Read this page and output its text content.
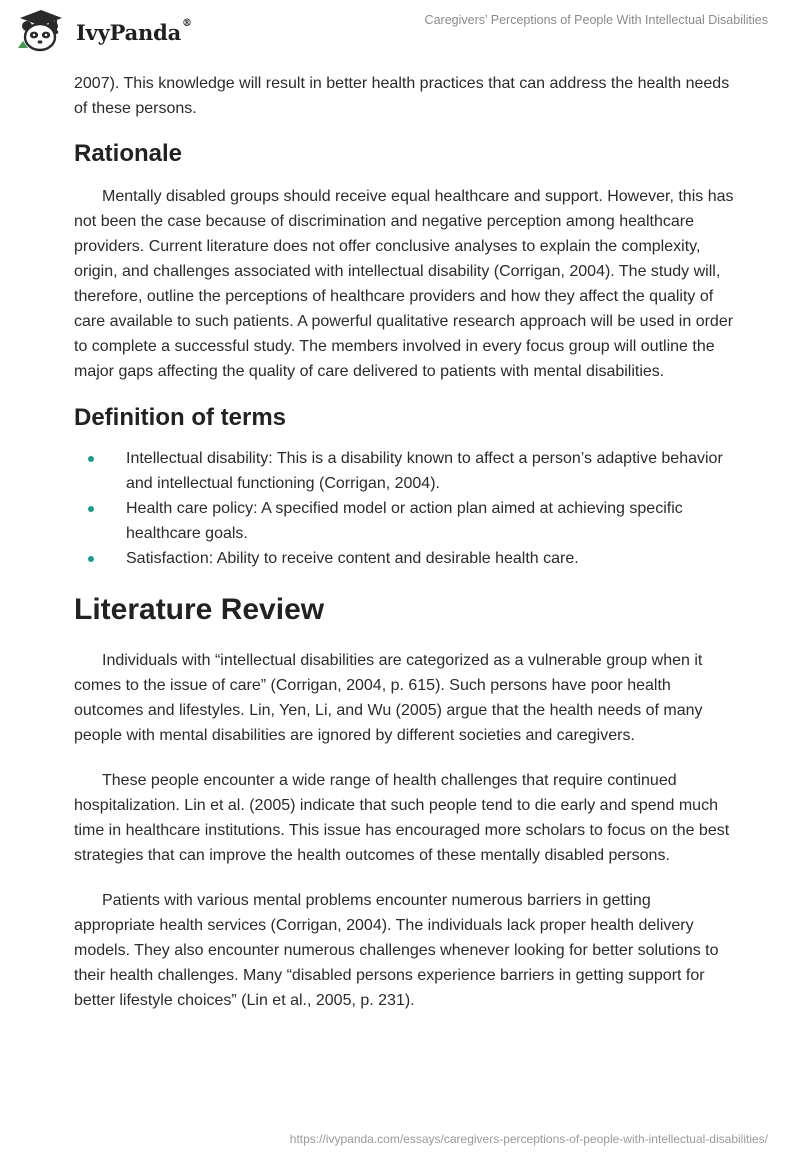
IvyPanda®	Caregivers’ Perceptions of People With Intellectual Disabilities

2007). This knowledge will result in better health practices that can address the health needs of these persons.

Rationale

Mentally disabled groups should receive equal healthcare and support. However, this has not been the case because of discrimination and negative perception among healthcare providers. Current literature does not offer conclusive analyses to explain the complexity, origin, and challenges associated with intellectual disability (Corrigan, 2004). The study will, therefore, outline the perceptions of healthcare providers and how they affect the quality of care available to such patients. A powerful qualitative research approach will be used in order to complete a successful study. The members involved in every focus group will outline the major gaps affecting the quality of care delivered to patients with mental disabilities.

Definition of terms
Intellectual disability: This is a disability known to affect a person’s adaptive behavior and intellectual functioning (Corrigan, 2004).
Health care policy: A specified model or action plan aimed at achieving specific healthcare goals.
Satisfaction: Ability to receive content and desirable health care.
Literature Review

Individuals with “intellectual disabilities are categorized as a vulnerable group when it comes to the issue of care” (Corrigan, 2004, p. 615). Such persons have poor health outcomes and lifestyles. Lin, Yen, Li, and Wu (2005) argue that the health needs of many people with mental disabilities are ignored by different societies and caregivers.

These people encounter a wide range of health challenges that require continued hospitalization. Lin et al. (2005) indicate that such people tend to die early and spend much time in healthcare institutions. This issue has encouraged more scholars to focus on the best strategies that can improve the health outcomes of these mentally disabled persons.

Patients with various mental problems encounter numerous barriers in getting appropriate health services (Corrigan, 2004). The individuals lack proper health delivery models. They also encounter numerous challenges whenever looking for better solutions to their health challenges. Many “disabled persons experience barriers in getting support for better lifestyle choices” (Lin et al., 2005, p. 231).

https://ivypanda.com/essays/caregivers-perceptions-of-people-with-intellectual-disabilities/
